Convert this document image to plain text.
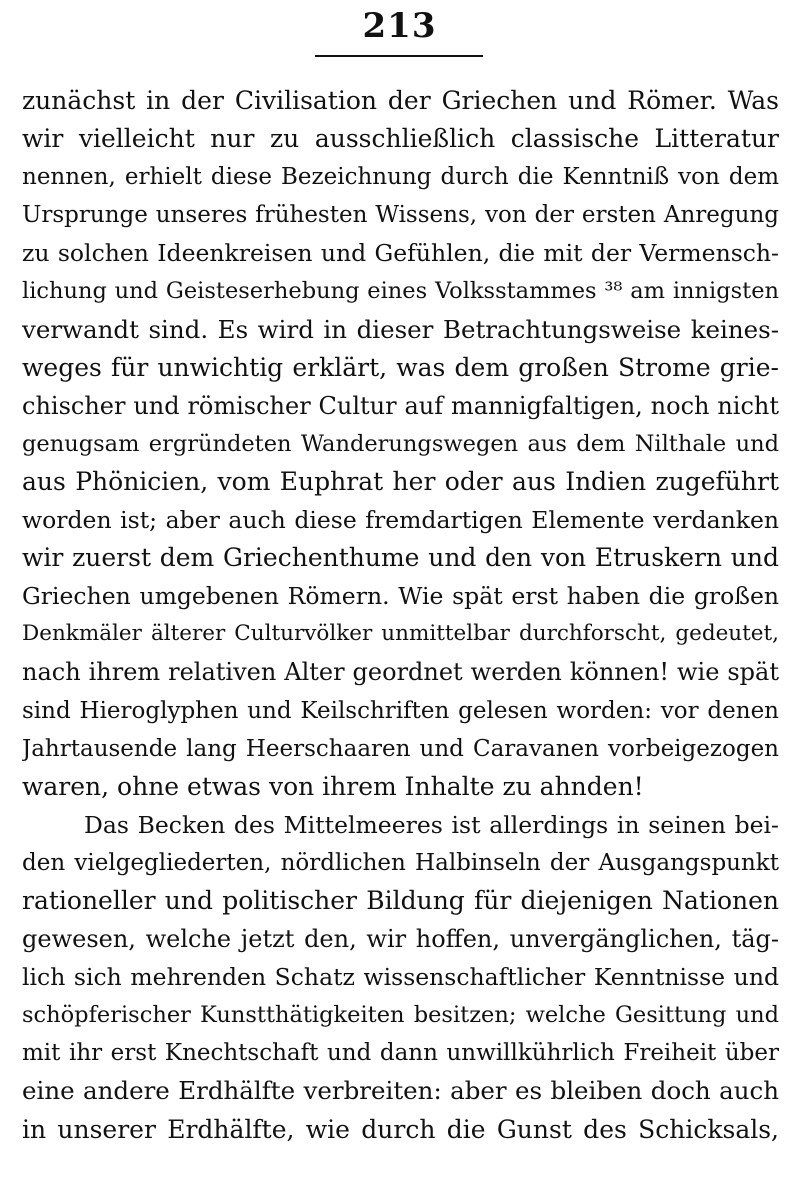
213
zunächst in der Civilisation der Griechen und Römer. Was
wir vielleicht nur zu ausschließlich classische Litteratur
nennen, erhielt diese Bezeichnung durch die Kenntniß von dem
Ursprunge unseres frühesten Wissens, von der ersten Anregung
zu solchen Ideenkreisen und Gefühlen, die mit der Vermensch-
lichung und Geisteserhebung eines Volksstammes ³⁸ am innigsten
verwandt sind. Es wird in dieser Betrachtungsweise keines-
weges für unwichtig erklärt, was dem großen Strome grie-
chischer und römischer Cultur auf mannigfaltigen, noch nicht
genugsam ergründeten Wanderungswegen aus dem Nilthale und
aus Phönicien, vom Euphrat her oder aus Indien zugeführt
worden ist; aber auch diese fremdartigen Elemente verdanken
wir zuerst dem Griechenthume und den von Etruskern und
Griechen umgebenen Römern. Wie spät erst haben die großen
Denkmäler älterer Culturvölker unmittelbar durchforscht, gedeutet,
nach ihrem relativen Alter geordnet werden können! wie spät
sind Hieroglyphen und Keilschriften gelesen worden: vor denen
Jahrtausende lang Heerschaaren und Caravanen vorbeigezogen
waren, ohne etwas von ihrem Inhalte zu ahnden!
Das Becken des Mittelmeeres ist allerdings in seinen bei-
den vielgegliederten, nördlichen Halbinseln der Ausgangspunkt
rationeller und politischer Bildung für diejenigen Nationen
gewesen, welche jetzt den, wir hoffen, unvergänglichen, täg-
lich sich mehrenden Schatz wissenschaftlicher Kenntnisse und
schöpferischer Kunstthätigkeiten besitzen; welche Gesittung und
mit ihr erst Knechtschaft und dann unwillkührlich Freiheit über
eine andere Erdhälfte verbreiten: aber es bleiben doch auch
in unserer Erdhälfte, wie durch die Gunst des Schicksals,
